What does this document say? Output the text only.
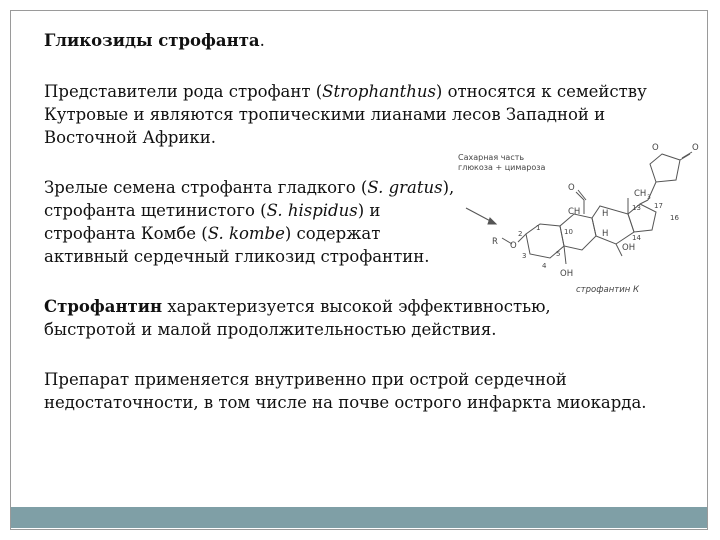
Гликозиды строфанта.
Представители рода строфант (Strophanthus) относятся к семейству
Кутровые и являются тропическими лианами лесов Западной и
Восточной Африки.
Зрелые семена строфанта гладкого (S. gratus),
строфанта щетинистого (S. hispidus) и
строфанта Комбе (S. kombe) содержат
активный сердечный гликозид строфантин.
Строфантин характеризуется высокой эффективностью,
быстротой и малой продолжительностью действия.
Препарат применяется внутривенно при острой сердечной
недостаточности, в том числе на почве острого инфаркта миокарда.
O	O
CH 3
O
CH	H
H
R O	OH
OH
1
2
3
4
5
10
13
14
16
17
Сахарная часть
глюкоза + цимароза
строфантин К
